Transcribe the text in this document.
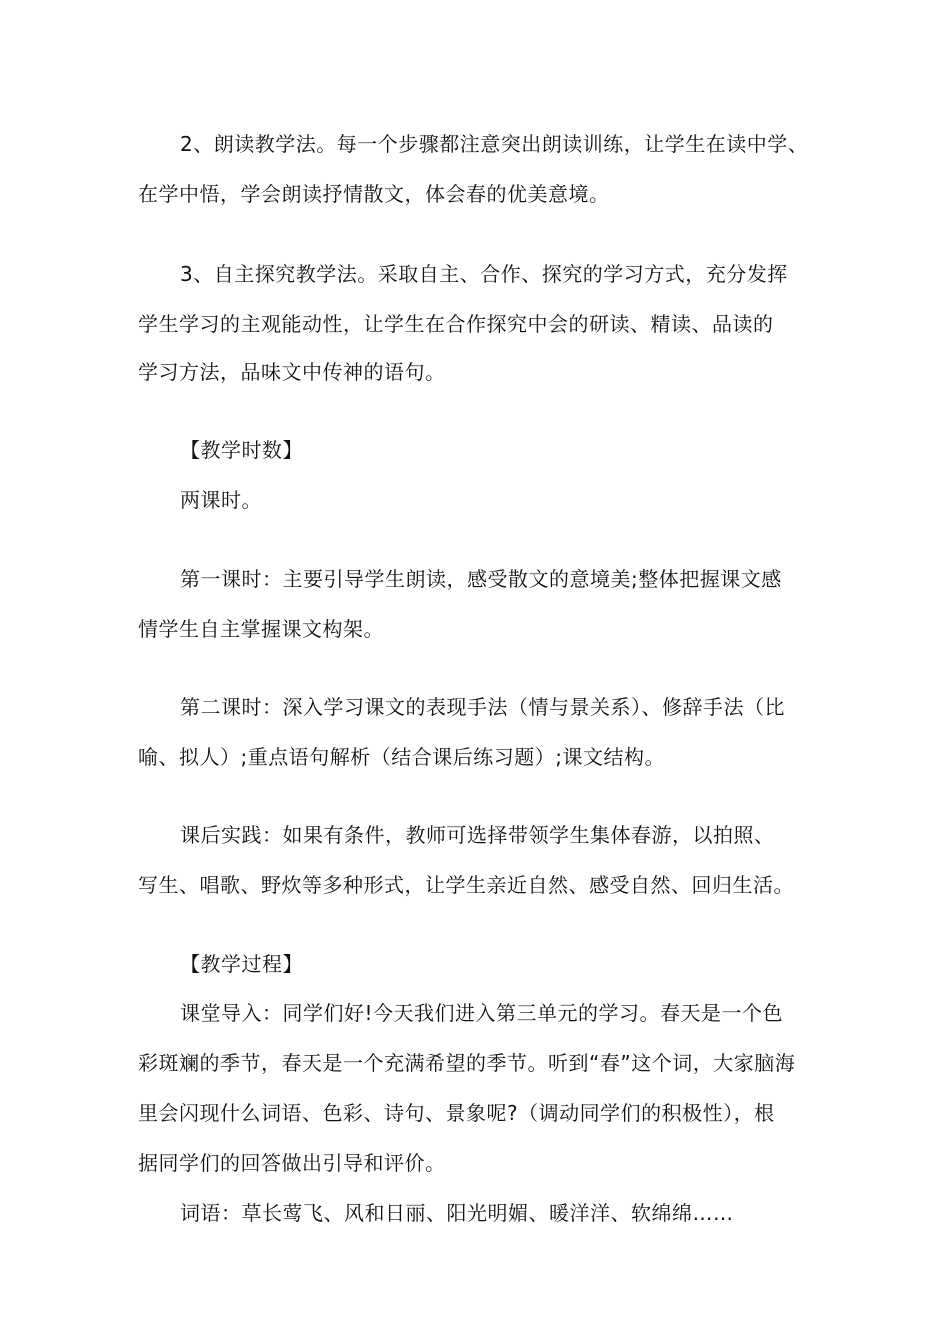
2、朗读教学法。每一个步骤都注意突出朗读训练，让学生在读中学、
在学中悟，学会朗读抒情散文，体会春的优美意境。
3、自主探究教学法。采取自主、合作、探究的学习方式，充分发挥
学生学习的主观能动性，让学生在合作探究中会的研读、精读、品读的
学习方法，品味文中传神的语句。
【教学时数】
两课时。
第一课时：主要引导学生朗读，感受散文的意境美;整体把握课文感
情学生自主掌握课文构架。
第二课时：深入学习课文的表现手法（情与景关系）、修辞手法（比
喻、拟人）;重点语句解析（结合课后练习题）;课文结构。
课后实践：如果有条件，教师可选择带领学生集体春游，以拍照、
写生、唱歌、野炊等多种形式，让学生亲近自然、感受自然、回归生活。
【教学过程】
课堂导入：同学们好!今天我们进入第三单元的学习。春天是一个色
彩斑斓的季节，春天是一个充满希望的季节。听到“春”这个词，大家脑海
里会闪现什么词语、色彩、诗句、景象呢?（调动同学们的积极性），根
据同学们的回答做出引导和评价。
词语：草长莺飞、风和日丽、阳光明媚、暖洋洋、软绵绵……
